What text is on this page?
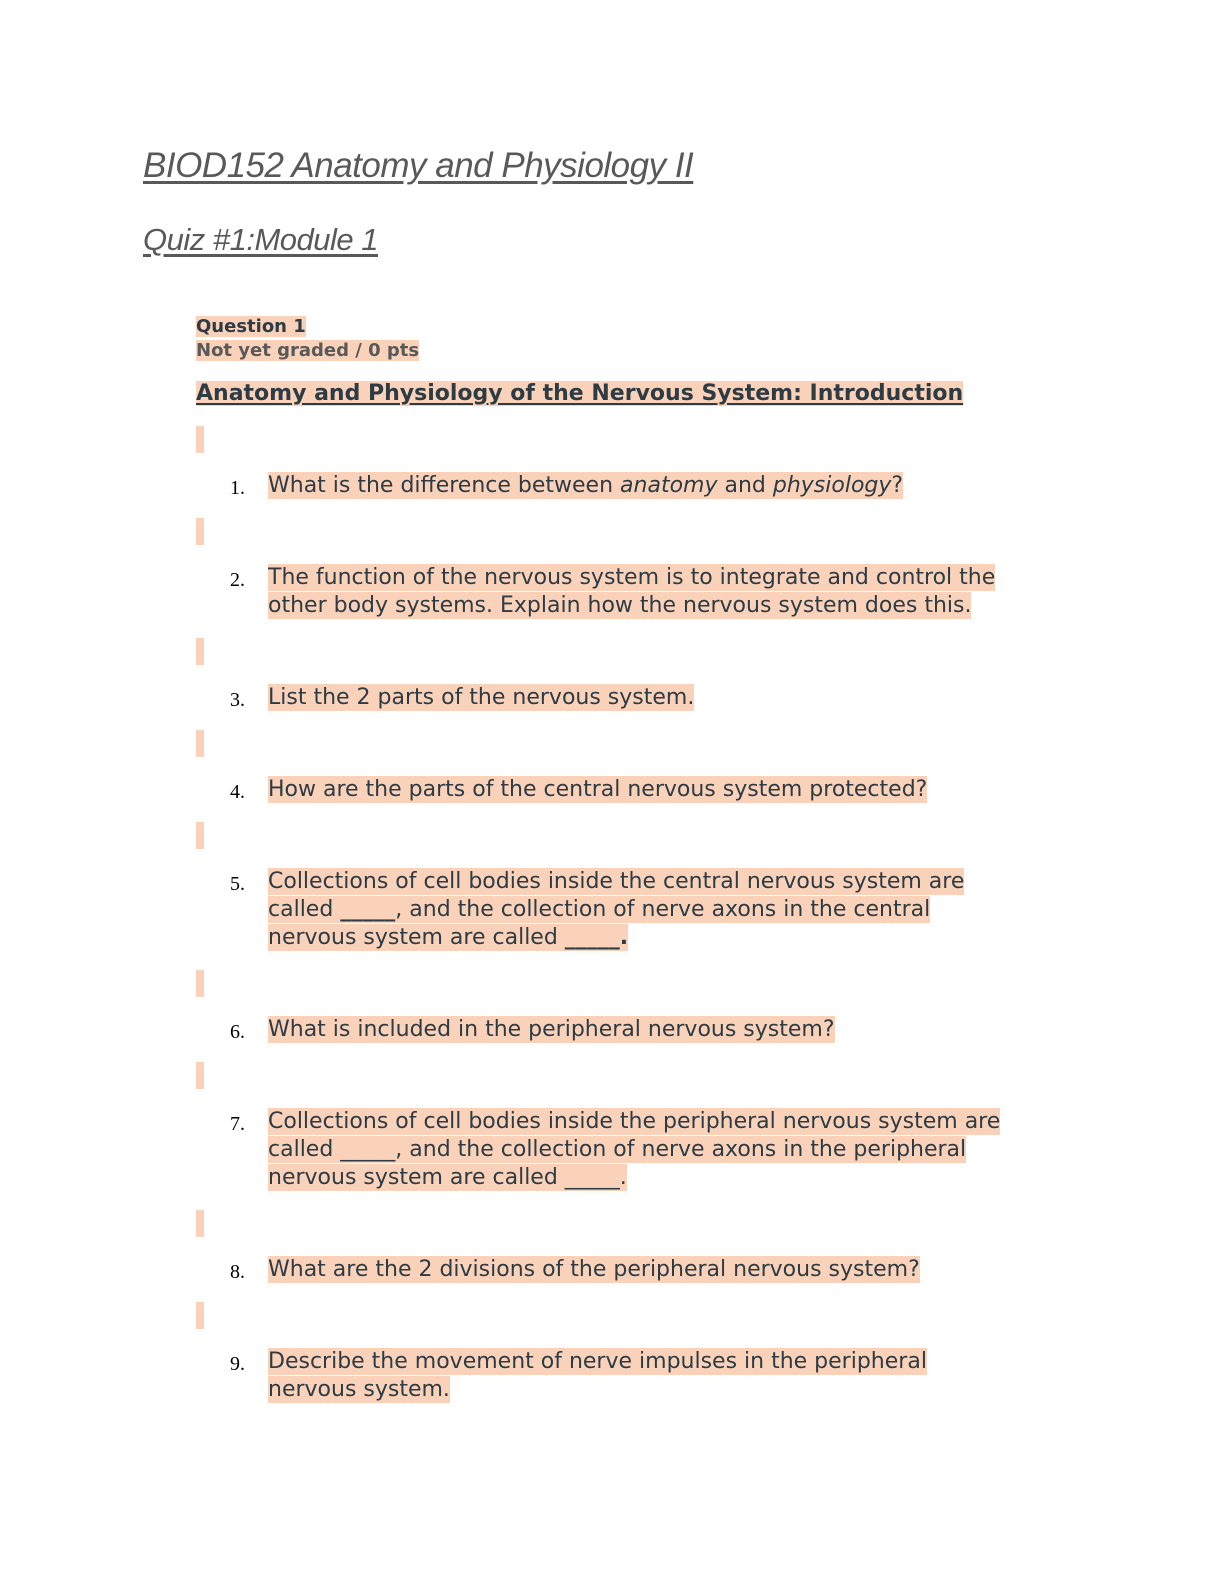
BIOD152 Anatomy and Physiology II
Quiz #1:Module 1
Question 1
Not yet graded / 0 pts
Anatomy and Physiology of the Nervous System: Introduction
1.	What is the difference between anatomy and physiology?
2.	The function of the nervous system is to integrate and control the
other body systems. Explain how the nervous system does this.
3.	List the 2 parts of the nervous system.
4.	How are the parts of the central nervous system protected?
5.	Collections of cell bodies inside the central nervous system are
called _____, and the collection of nerve axons in the central
nervous system are called _____.
6.	What is included in the peripheral nervous system?
7.	Collections of cell bodies inside the peripheral nervous system are
called _____, and the collection of nerve axons in the peripheral
nervous system are called _____.
8.	What are the 2 divisions of the peripheral nervous system?
9.	Describe the movement of nerve impulses in the peripheral
nervous system.
